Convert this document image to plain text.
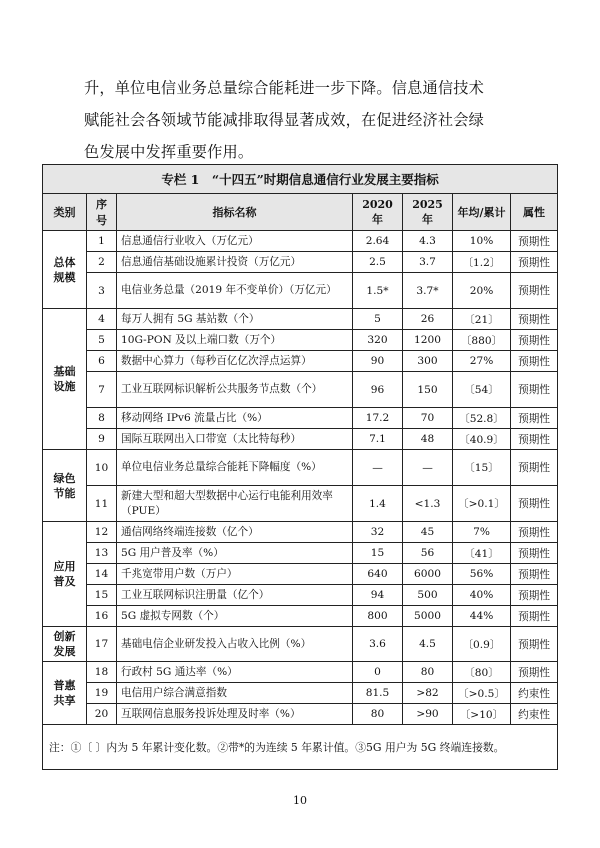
升，单位电信业务总量综合能耗进一步下降。信息通信技术

赋能社会各领域节能减排取得显著成效，在促进经济社会绿

色发展中发挥重要作用。

专栏 1　“十四五”时期信息通信行业发展主要指标						
类别	序号	指标名称	2020 年	2025 年	年均/累计	属性
总体
规模	1	信息通信行业收入（万亿元）	2.64	4.3	10%	预期性
	2	信息通信基础设施累计投资（万亿元）	2.5	3.7	〔1.2〕	预期性
	3	电信业务总量（2019 年不变单价）（万亿元）	1.5*	3.7*	20%	预期性
基础
设施	4	每万人拥有 5G 基站数（个）	5	26	〔21〕	预期性
	5	10G-PON 及以上端口数（万个）	320	1200	〔880〕	预期性
	6	数据中心算力（每秒百亿亿次浮点运算）	90	300	27%	预期性
	7	工业互联网标识解析公共服务节点数（个）	96	150	〔54〕	预期性
	8	移动网络 IPv6 流量占比（%）	17.2	70	〔52.8〕	预期性
	9	国际互联网出入口带宽（太比特每秒）	7.1	48	〔40.9〕	预期性
绿色
节能	10	单位电信业务总量综合能耗下降幅度（%）	—	—	〔15〕	预期性
	11	新建大型和超大型数据中心运行电能利用效率（PUE）	1.4	<1.3	〔>0.1〕	预期性
应用
普及	12	通信网络终端连接数（亿个）	32	45	7%	预期性
	13	5G 用户普及率（%）	15	56	〔41〕	预期性
	14	千兆宽带用户数（万户）	640	6000	56%	预期性
	15	工业互联网标识注册量（亿个）	94	500	40%	预期性
	16	5G 虚拟专网数（个）	800	5000	44%	预期性
创新
发展	17	基础电信企业研发投入占收入比例（%）	3.6	4.5	〔0.9〕	预期性
普惠
共享	18	行政村 5G 通达率（%）	0	80	〔80〕	预期性
	19	电信用户综合满意指数	81.5	>82	〔>0.5〕	约束性
	20	互联网信息服务投诉处理及时率（%）	80	>90	〔>10〕	约束性
注：①〔 〕内为 5 年累计变化数。②带*的为连续 5 年累计值。③5G 用户为 5G 终端连接数。						
10
